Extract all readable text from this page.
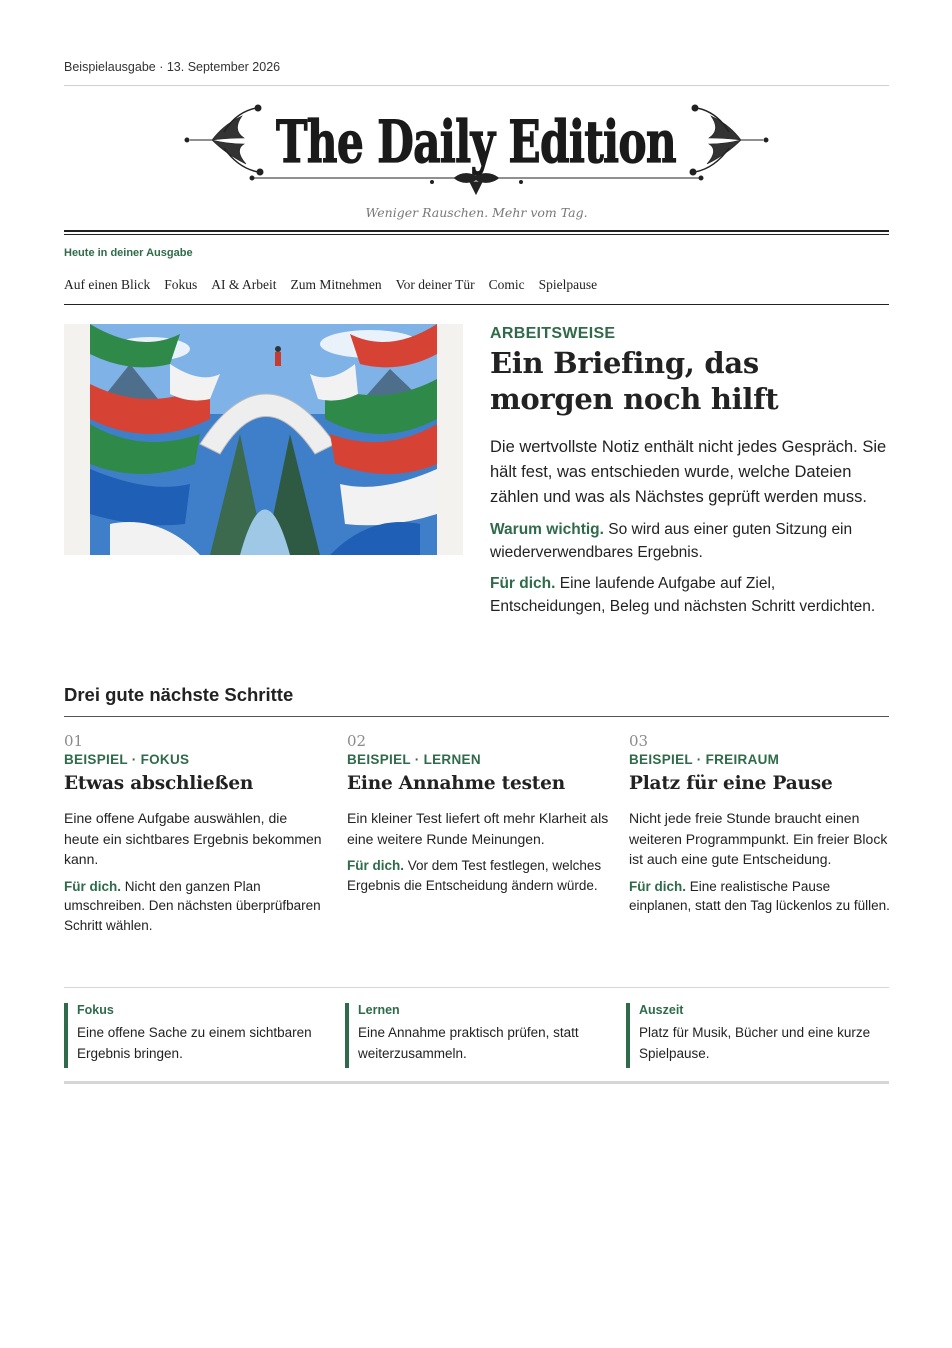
Beispielausgabe · 13. September 2026
The Daily Edition
Weniger Rauschen. Mehr vom Tag.
Heute in deiner Ausgabe
Auf einen Blick Fokus AI & Arbeit Zum Mitnehmen Vor deiner Tür Comic Spielpause
ARBEITSWEISE
Ein Briefing, das morgen noch hilft
Die wertvollste Notiz enthält nicht jedes Gespräch. Sie hält fest, was entschieden wurde, welche Dateien zählen und was als Nächstes geprüft werden muss.
Warum wichtig. So wird aus einer guten Sitzung ein wiederverwendbares Ergebnis.
Für dich. Eine laufende Aufgabe auf Ziel, Entscheidungen, Beleg und nächsten Schritt verdichten.
Drei gute nächste Schritte
01
BEISPIEL · FOKUS
Etwas abschließen
Eine offene Aufgabe auswählen, die heute ein sichtbares Ergebnis bekommen kann.
Für dich. Nicht den ganzen Plan umschreiben. Den nächsten überprüfbaren Schritt wählen.
02
BEISPIEL · LERNEN
Eine Annahme testen
Ein kleiner Test liefert oft mehr Klarheit als eine weitere Runde Meinungen.
Für dich. Vor dem Test festlegen, welches Ergebnis die Entscheidung ändern würde.
03
BEISPIEL · FREIRAUM
Platz für eine Pause
Nicht jede freie Stunde braucht einen weiteren Programmpunkt. Ein freier Block ist auch eine gute Entscheidung.
Für dich. Eine realistische Pause einplanen, statt den Tag lückenlos zu füllen.
Fokus
Eine offene Sache zu einem sichtbaren Ergebnis bringen.
Lernen
Eine Annahme praktisch prüfen, statt weiterzusammeln.
Auszeit
Platz für Musik, Bücher und eine kurze Spielpause.
